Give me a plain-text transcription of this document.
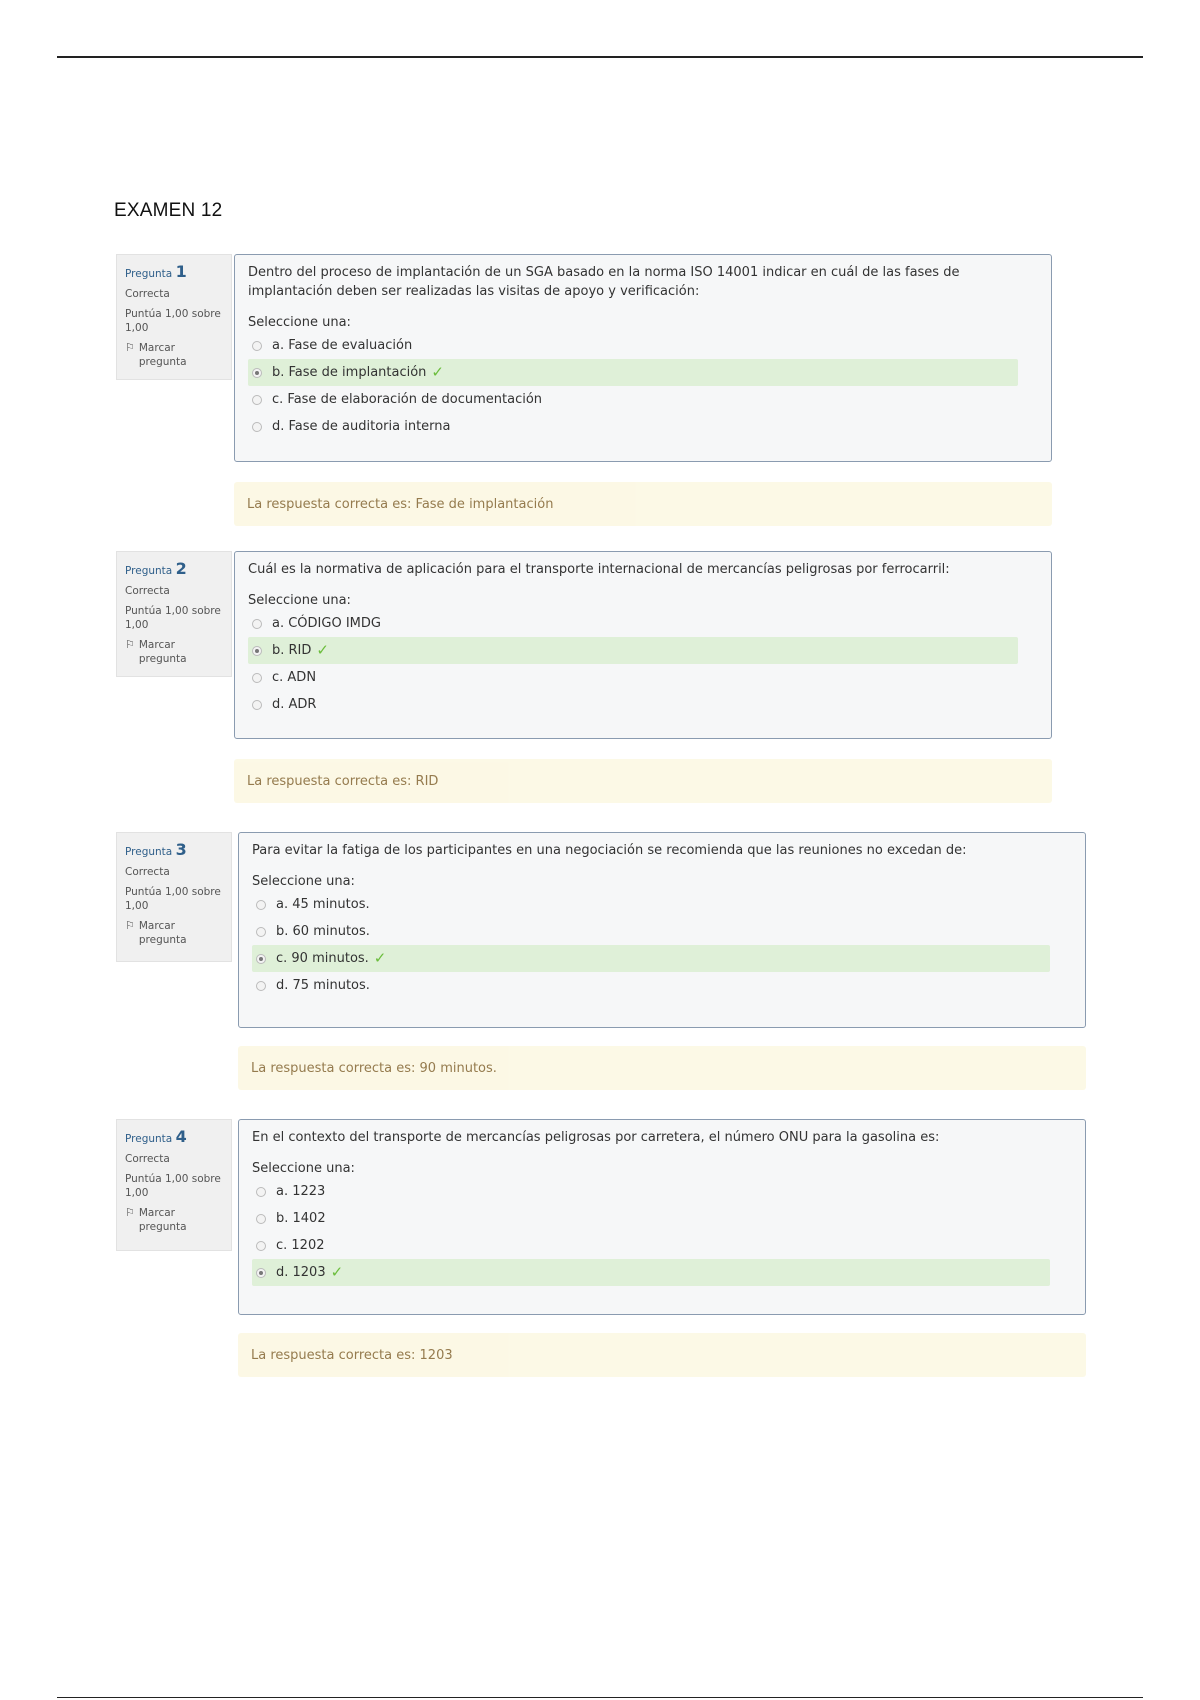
EXAMEN 12
Pregunta 1
Correcta
Puntúa 1,00 sobre 1,00
⚐ Marcar pregunta
Dentro del proceso de implantación de un SGA basado en la norma ISO 14001 indicar en cuál de las fases de implantación deben ser realizadas las visitas de apoyo y verificación:
Seleccione una:
a. Fase de evaluación
b. Fase de implantación ✓
c. Fase de elaboración de documentación
d. Fase de auditoria interna
La respuesta correcta es: Fase de implantación
Pregunta 2
Correcta
Puntúa 1,00 sobre 1,00
⚐ Marcar pregunta
Cuál es la normativa de aplicación para el transporte internacional de mercancías peligrosas por ferrocarril:
Seleccione una:
a. CÓDIGO IMDG
b. RID ✓
c. ADN
d. ADR
La respuesta correcta es: RID
Pregunta 3
Correcta
Puntúa 1,00 sobre 1,00
⚐ Marcar pregunta
Para evitar la fatiga de los participantes en una negociación se recomienda que las reuniones no excedan de:
Seleccione una:
a. 45 minutos.
b. 60 minutos.
c. 90 minutos. ✓
d. 75 minutos.
La respuesta correcta es: 90 minutos.
Pregunta 4
Correcta
Puntúa 1,00 sobre 1,00
⚐ Marcar pregunta
En el contexto del transporte de mercancías peligrosas por carretera, el número ONU para la gasolina es:
Seleccione una:
a. 1223
b. 1402
c. 1202
d. 1203 ✓
La respuesta correcta es: 1203
